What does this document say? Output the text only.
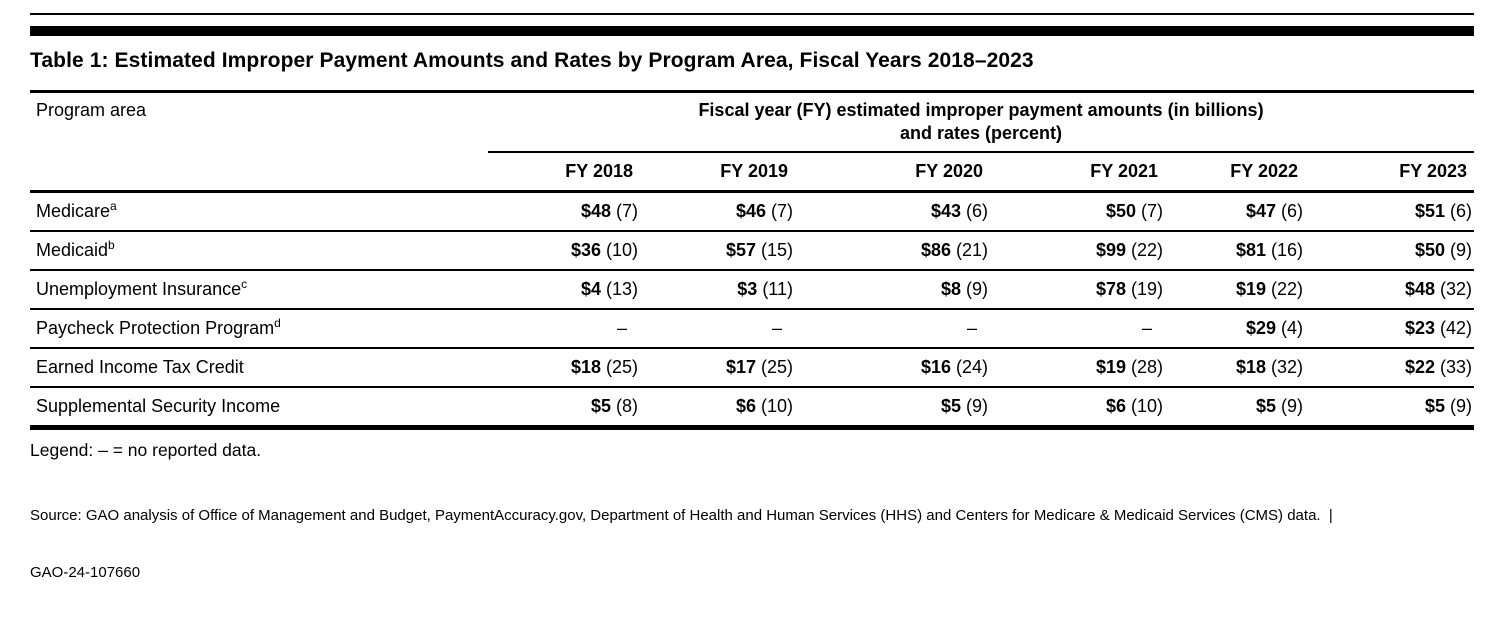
Table 1: Estimated Improper Payment Amounts and Rates by Program Area, Fiscal Years 2018–2023
Program area	Fiscal year (FY) estimated improper payment amounts (in billions)
and rates (percent)					

	FY 2018	FY 2019	FY 2020	FY 2021	FY 2022	FY 2023
Medicare$^a$	$48 (7)	$46 (7)	$43 (6)	$50 (7)	$47 (6)	$51 (6)
Medicaid$^b$	$36 (10)	$57 (15)	$86 (21)	$99 (22)	$81 (16)	$50 (9)
Unemployment Insurance$^c$	$4 (13)	$3 (11)	$8 (9)	$78 (19)	$19 (22)	$48 (32)
Paycheck Protection Program$^d$	–	–	–	–	$29 (4)	$23 (42)
Earned Income Tax Credit	$18 (25)	$17 (25)	$16 (24)	$19 (28)	$18 (32)	$22 (33)
Supplemental Security Income	$5 (8)	$6 (10)	$5 (9)	$6 (10)	$5 (9)	$5 (9)
Legend: – = no reported data.

Source: GAO analysis of Office of Management and Budget, PaymentAccuracy.gov, Department of Health and Human Services (HHS) and Centers for Medicare & Medicaid Services (CMS) data.  |

GAO-24-107660
